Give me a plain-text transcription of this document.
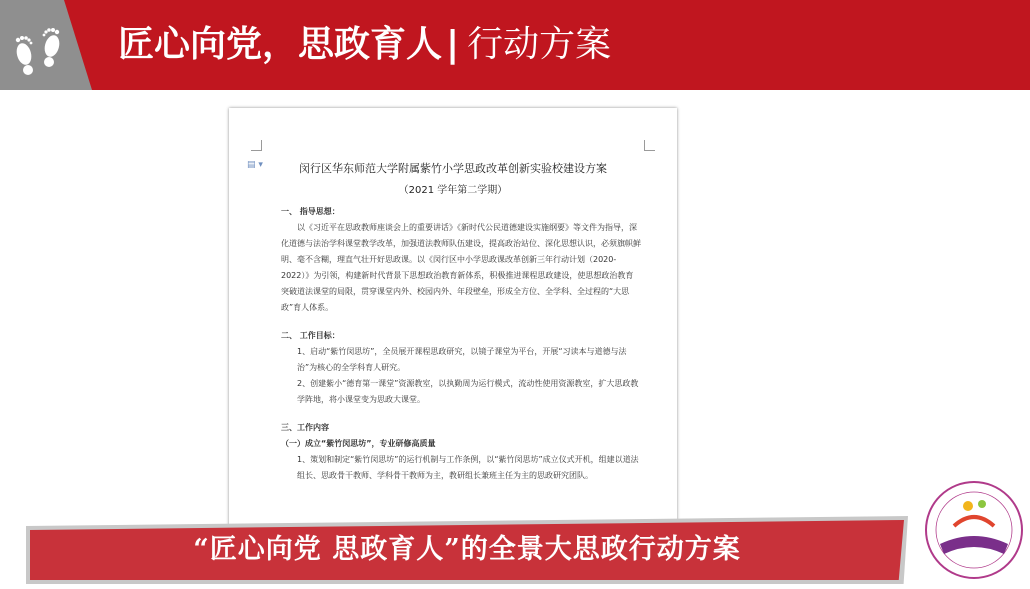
匠心向党，思政育人 | 行动方案
▤ ▾	闵行区华东师范大学附属紫竹小学思政改革创新实验校建设方案
（2021 学年第二学期）

一、 指导思想：

以《习近平在思政教师座谈会上的重要讲话》《新时代公民道德建设实施纲要》等文件为指导，深化道德与法治学科课堂教学改革，加强道法教师队伍建设，提高政治站位、深化思想认识，必须旗帜鲜明、毫不含糊，理直气壮开好思政课。以《闵行区中小学思政课改革创新三年行动计划（2020-2022）》为引领，构建新时代背景下思想政治教育新体系，积极推进课程思政建设，使思想政治教育突破道法课堂的局限，贯穿课堂内外、校园内外、年段壁垒，形成全方位、全学科、全过程的“大思政”育人体系。

二、 工作目标：

1、启动“紫竹闵思坊”，全员展开课程思政研究，以镜子课堂为平台，开展“习读本与道德与法治”为核心的全学科育人研究。

2、创建紫小“德育第一课堂”资源教室，以执勤周为运行模式，流动性使用资源教室，扩大思政教学阵地，将小课堂变为思政大课堂。

三、工作内容

（一）成立“紫竹闵思坊”，专业研修高质量

1、策划和制定“紫竹闵思坊”的运行机制与工作条例，以“紫竹闵思坊”成立仪式开机，组建以道法组长、思政骨干教师、学科骨干教师为主，教研组长兼班主任为主的思政研究团队。

“匠心向党 思政育人”的全景大思政行动方案
